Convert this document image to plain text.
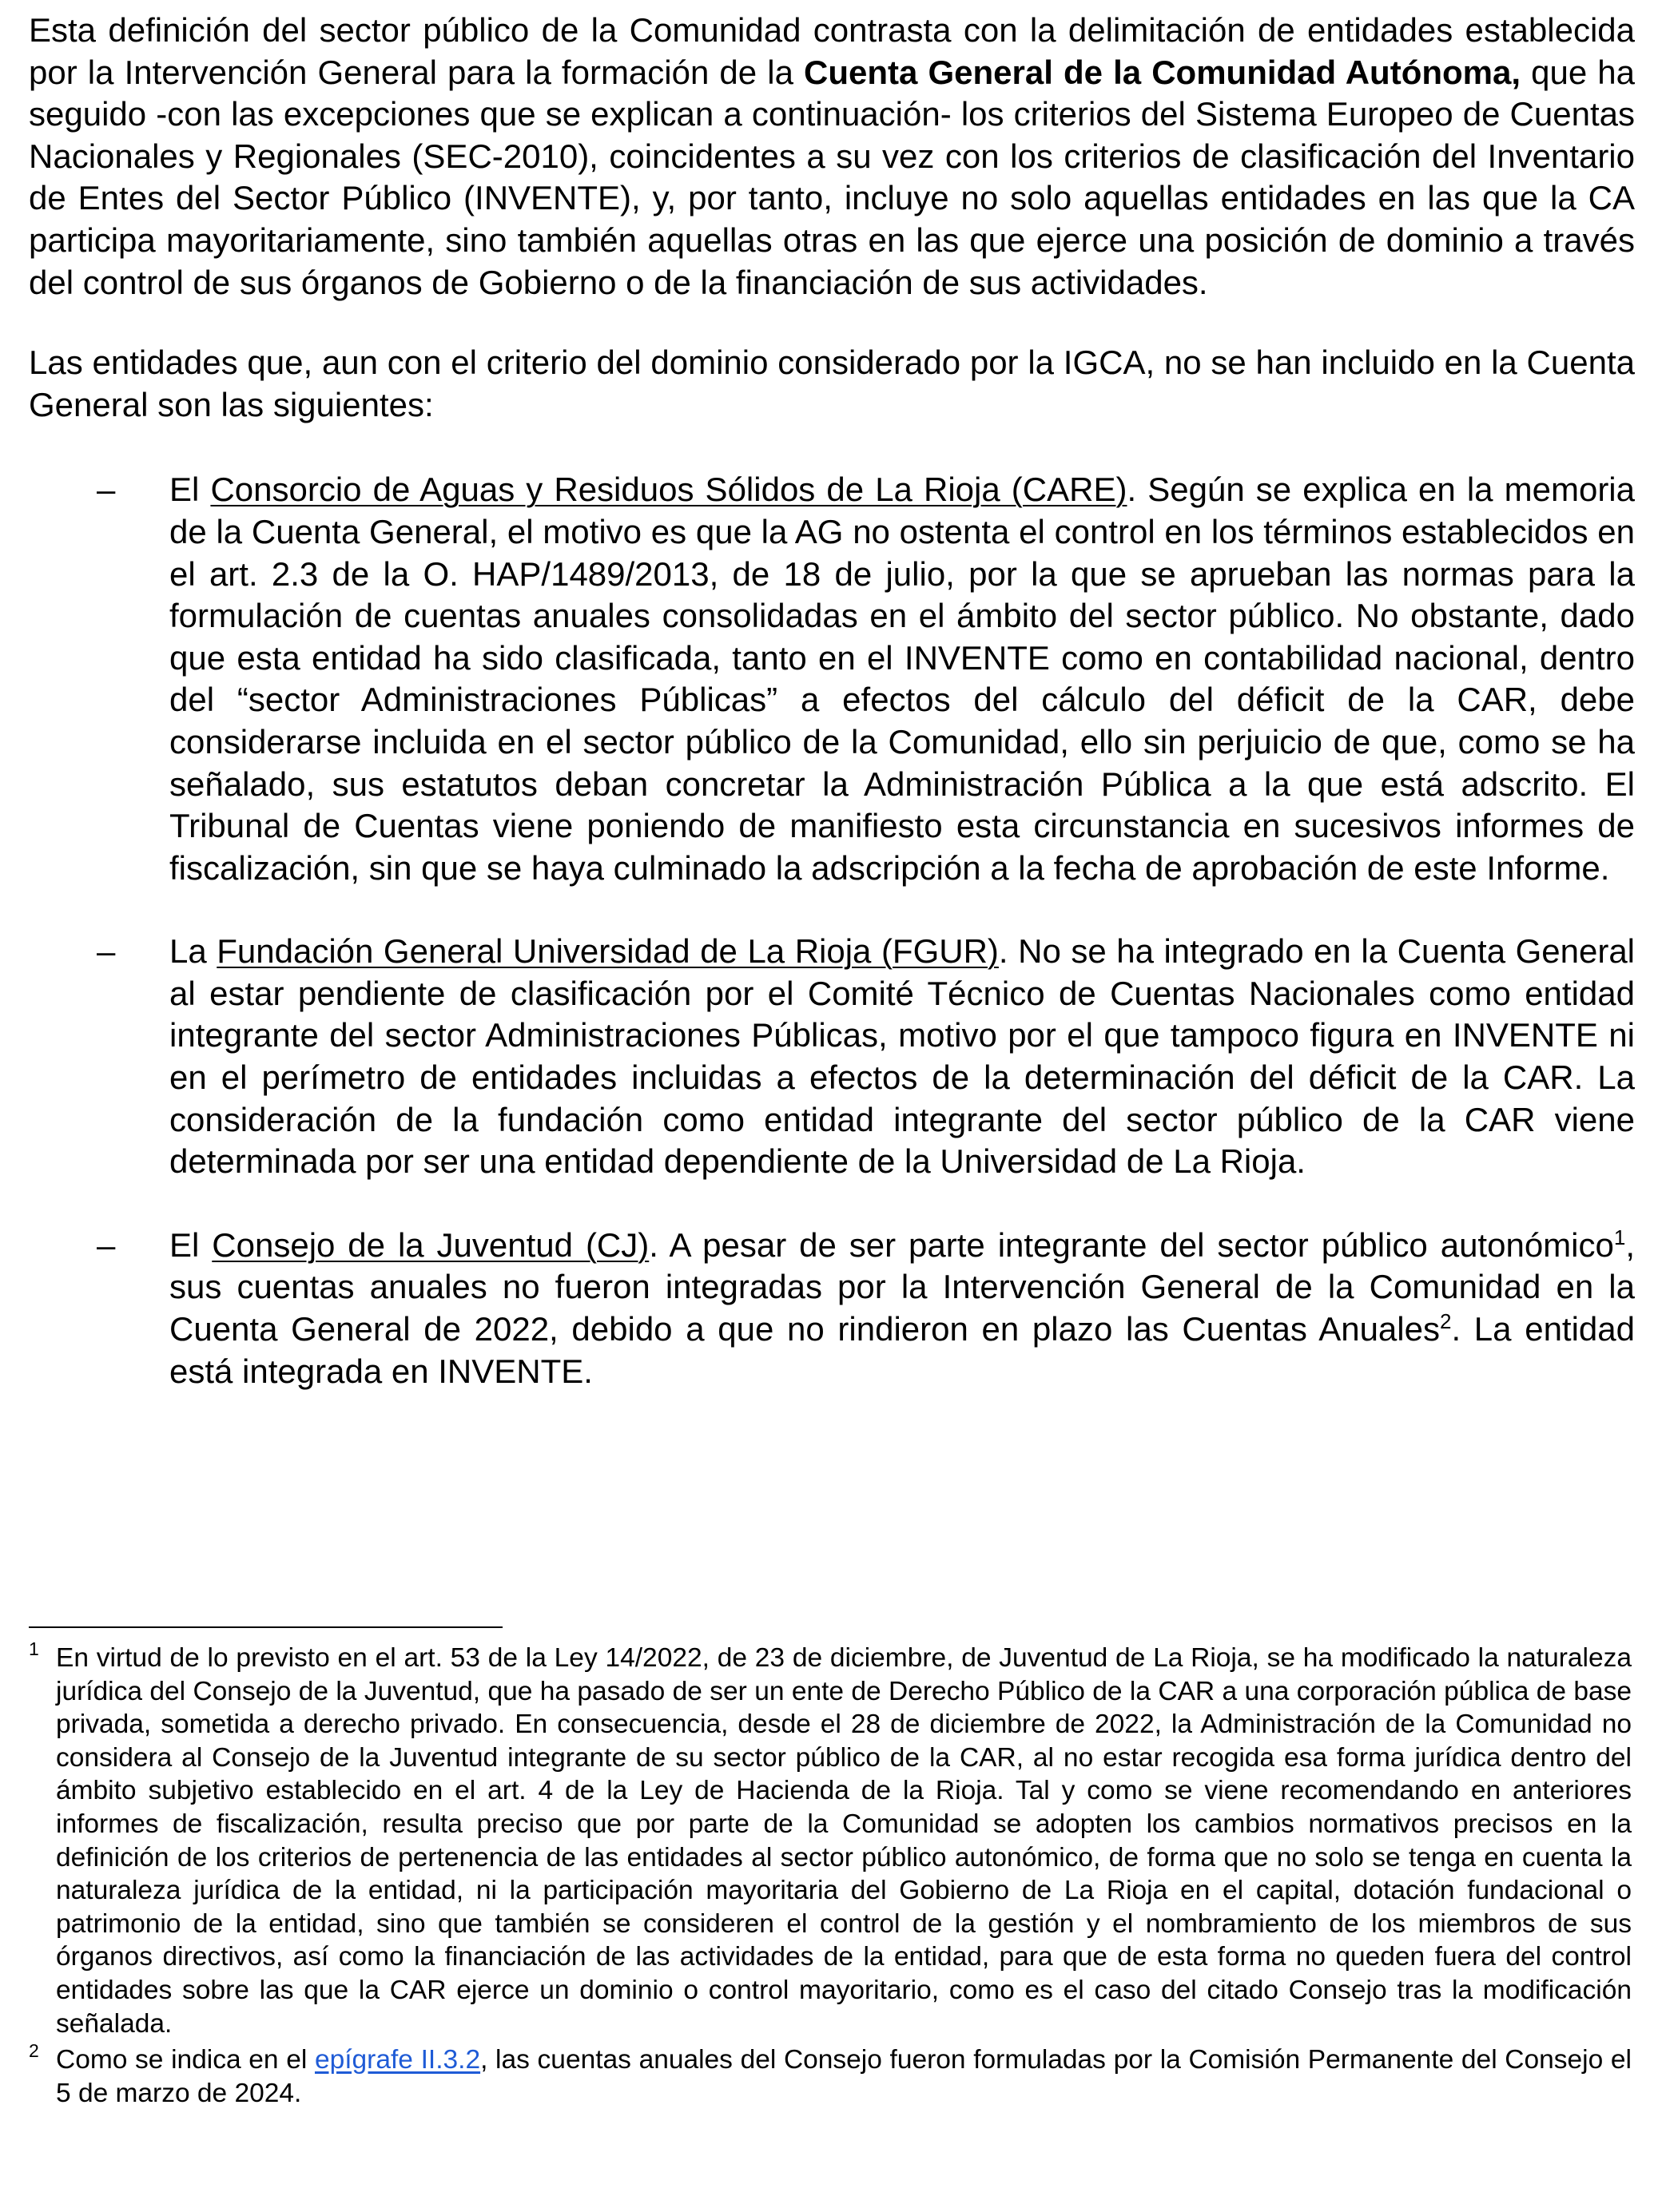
Esta definición del sector público de la Comunidad contrasta con la delimitación de entidades establecida por la Intervención General para la formación de la Cuenta General de la Comunidad Autónoma, que ha seguido -con las excepciones que se explican a continuación- los criterios del Sistema Europeo de Cuentas Nacionales y Regionales (SEC-2010), coincidentes a su vez con los criterios de clasificación del Inventario de Entes del Sector Público (INVENTE), y, por tanto, incluye no solo aquellas entidades en las que la CA participa mayoritariamente, sino también aquellas otras en las que ejerce una posición de dominio a través del control de sus órganos de Gobierno o de la financiación de sus actividades.

Las entidades que, aun con el criterio del dominio considerado por la IGCA, no se han incluido en la Cuenta General son las siguientes:

– El Consorcio de Aguas y Residuos Sólidos de La Rioja (CARE). Según se explica en la memoria de la Cuenta General, el motivo es que la AG no ostenta el control en los términos establecidos en el art. 2.3 de la O. HAP/1489/2013, de 18 de julio, por la que se aprueban las normas para la formulación de cuentas anuales consolidadas en el ámbito del sector público. No obstante, dado que esta entidad ha sido clasificada, tanto en el INVENTE como en contabilidad nacional, dentro del “sector Administraciones Públicas” a efectos del cálculo del déficit de la CAR, debe considerarse incluida en el sector público de la Comunidad, ello sin perjuicio de que, como se ha señalado, sus estatutos deban concretar la Administración Pública a la que está adscrito. El Tribunal de Cuentas viene poniendo de manifiesto esta circunstancia en sucesivos informes de fiscalización, sin que se haya culminado la adscripción a la fecha de aprobación de este Informe.

– La Fundación General Universidad de La Rioja (FGUR). No se ha integrado en la Cuenta General al estar pendiente de clasificación por el Comité Técnico de Cuentas Nacionales como entidad integrante del sector Administraciones Públicas, motivo por el que tampoco figura en INVENTE ni en el perímetro de entidades incluidas a efectos de la determinación del déficit de la CAR. La consideración de la fundación como entidad integrante del sector público de la CAR viene determinada por ser una entidad dependiente de la Universidad de La Rioja.

– El Consejo de la Juventud (CJ). A pesar de ser parte integrante del sector público autonómico$^1$, sus cuentas anuales no fueron integradas por la Intervención General de la Comunidad en la Cuenta General de 2022, debido a que no rindieron en plazo las Cuentas Anuales$^2$. La entidad está integrada en INVENTE.

1 En virtud de lo previsto en el art. 53 de la Ley 14/2022, de 23 de diciembre, de Juventud de La Rioja, se ha modificado la naturaleza jurídica del Consejo de la Juventud, que ha pasado de ser un ente de Derecho Público de la CAR a una corporación pública de base privada, sometida a derecho privado. En consecuencia, desde el 28 de diciembre de 2022, la Administración de la Comunidad no considera al Consejo de la Juventud integrante de su sector público de la CAR, al no estar recogida esa forma jurídica dentro del ámbito subjetivo establecido en el art. 4 de la Ley de Hacienda de la Rioja. Tal y como se viene recomendando en anteriores informes de fiscalización, resulta preciso que por parte de la Comunidad se adopten los cambios normativos precisos en la definición de los criterios de pertenencia de las entidades al sector público autonómico, de forma que no solo se tenga en cuenta la naturaleza jurídica de la entidad, ni la participación mayoritaria del Gobierno de La Rioja en el capital, dotación fundacional o patrimonio de la entidad, sino que también se consideren el control de la gestión y el nombramiento de los miembros de sus órganos directivos, así como la financiación de las actividades de la entidad, para que de esta forma no queden fuera del control entidades sobre las que la CAR ejerce un dominio o control mayoritario, como es el caso del citado Consejo tras la modificación señalada.

2 Como se indica en el epígrafe II.3.2, las cuentas anuales del Consejo fueron formuladas por la Comisión Permanente del Consejo el 5 de marzo de 2024.
